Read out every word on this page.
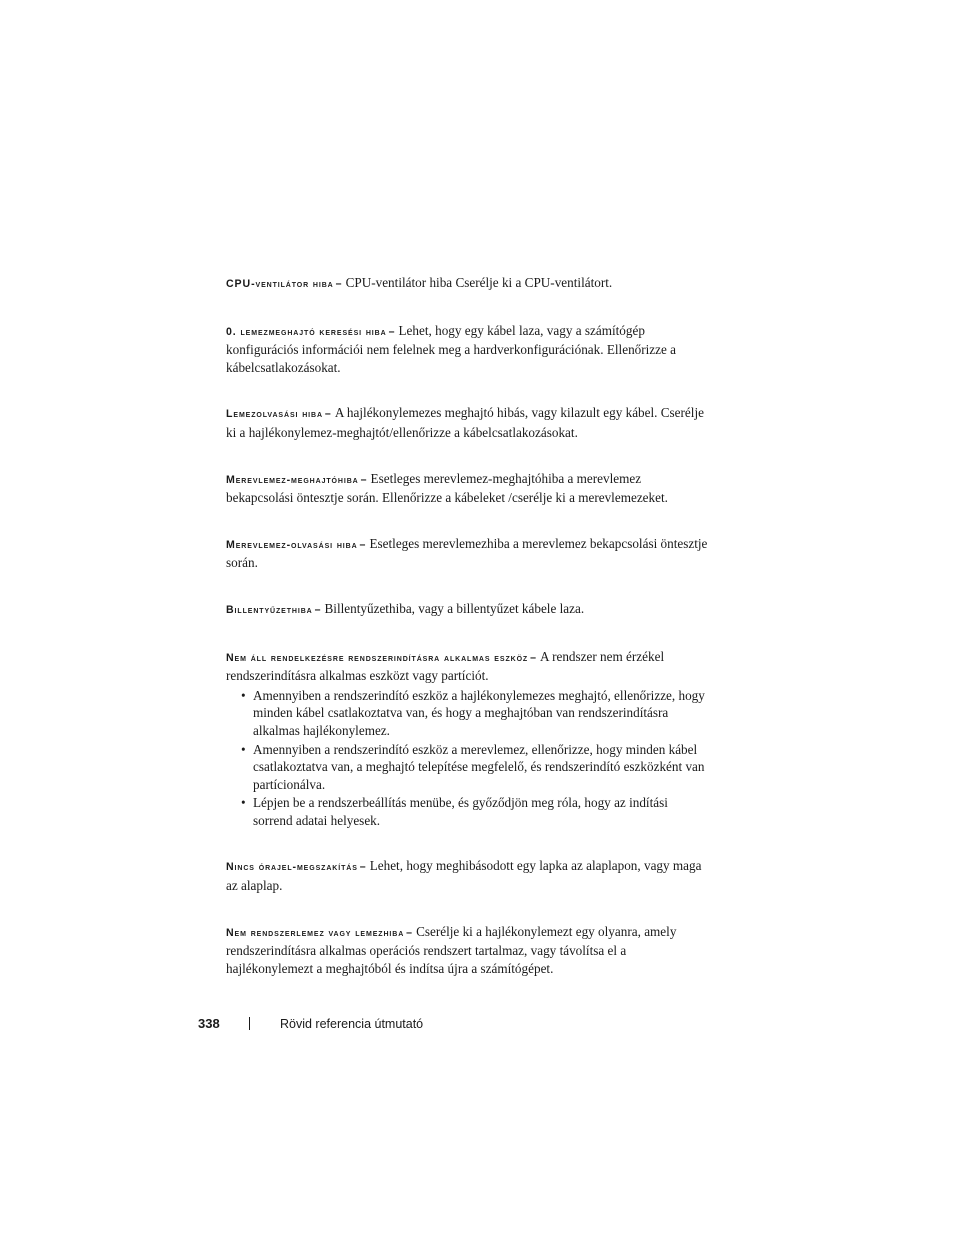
CPU-ventilátor hiba – CPU-ventilátor hiba Cserélje ki a CPU-ventilátort.

0. lemezmeghajtó keresési hiba – Lehet, hogy egy kábel laza, vagy a számítógép konfigurációs információi nem felelnek meg a hardverkonfigurációnak. Ellenőrizze a kábelcsatlakozásokat.

Lemezolvasási hiba – A hajlékonylemezes meghajtó hibás, vagy kilazult egy kábel. Cserélje ki a hajlékonylemez-meghajtót/ellenőrizze a kábelcsatlakozásokat.

Merevlemez-meghajtóhiba – Esetleges merevlemez-meghajtóhiba a merevlemez bekapcsolási öntesztje során. Ellenőrizze a kábeleket /cserélje ki a merevlemezeket.

Merevlemez-olvasási hiba – Esetleges merevlemezhiba a merevlemez bekapcsolási öntesztje során.

Billentyűzethiba – Billentyűzethiba, vagy a billentyűzet kábele laza.

Nem áll rendelkezésre rendszerindításra alkalmas eszköz – A rendszer nem érzékel rendszerindításra alkalmas eszközt vagy partíciót.
• Amennyiben a rendszerindító eszköz a hajlékonylemezes meghajtó, ellenőrizze, hogy minden kábel csatlakoztatva van, és hogy a meghajtóban van rendszerindításra alkalmas hajlékonylemez.
• Amennyiben a rendszerindító eszköz a merevlemez, ellenőrizze, hogy minden kábel csatlakoztatva van, a meghajtó telepítése megfelelő, és rendszerindító eszközként van partícionálva.
• Lépjen be a rendszerbeállítás menübe, és győződjön meg róla, hogy az indítási sorrend adatai helyesek.

Nincs órajel-megszakítás – Lehet, hogy meghibásodott egy lapka az alaplapon, vagy maga az alaplap.

Nem rendszerlemez vagy lemezhiba – Cserélje ki a hajlékonylemezt egy olyanra, amely rendszerindításra alkalmas operációs rendszert tartalmaz, vagy távolítsa el a hajlékonylemezt a meghajtóból és indítsa újra a számítógépet.

338	Rövid referencia útmutató
